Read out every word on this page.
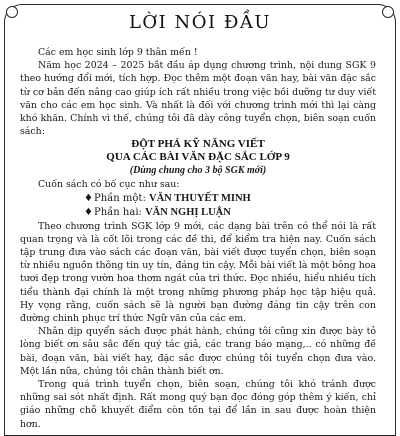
LỜI NÓI ĐẦU

Các em học sinh lớp 9 thân mến !

Năm học 2024 – 2025 bắt đầu áp dụng chương trình, nội dung SGK 9 theo hướng đổi mới, tích hợp. Đọc thêm một đoạn văn hay, bài văn đặc sắc từ cơ bản đến nâng cao giúp ích rất nhiều trong việc bồi dưỡng tư duy viết văn cho các em học sinh. Và nhất là đối với chương trình mới thì lại càng khó khăn. Chính vì thế, chúng tôi đã dày công tuyển chọn, biên soạn cuốn sách:

ĐỘT PHÁ KỸ NĂNG VIẾT
QUA CÁC BÀI VĂN ĐẶC SẮC LỚP 9
(Dùng chung cho 3 bộ SGK mới)

Cuốn sách có bố cục như sau:

♦Phần một: VĂN THUYẾT MINH
♦Phần hai: VĂN NGHỊ LUẬN

Theo chương trình SGK lớp 9 mới, các dạng bài trên có thể nói là rất quan trọng và là cốt lõi trong các đề thi, để kiểm tra hiện nay. Cuốn sách tập trung đưa vào sách các đoạn văn, bài viết được tuyển chọn, biên soạn từ nhiều nguồn thông tin uy tín, đáng tin cậy. Mỗi bài viết là một bông hoa tươi đẹp trong vườn hoa thơm ngát của tri thức. Đọc nhiều, hiểu nhiều tích tiểu thành đại chính là một trong những phương pháp học tập hiệu quả. Hy vọng rằng, cuốn sách sẽ là người bạn đường đáng tin cậy trên con đường chinh phục trí thức Ngữ văn của các em.

Nhân dịp quyển sách được phát hành, chúng tôi cũng xin được bày tỏ lòng biết ơn sâu sắc đến quý tác giả, các trang báo mạng,.. có những đề bài, đoạn văn, bài viết hay, đặc sắc được chúng tôi tuyển chọn đưa vào. Một lần nữa, chúng tôi chân thành biết ơn.

Trong quá trình tuyển chọn, biên soạn, chúng tôi khó tránh được những sai sót nhất định. Rất mong quý bạn đọc đóng góp thêm ý kiến, chỉ giáo những chỗ khuyết điểm còn tồn tại để lần in sau được hoàn thiện hơn.
